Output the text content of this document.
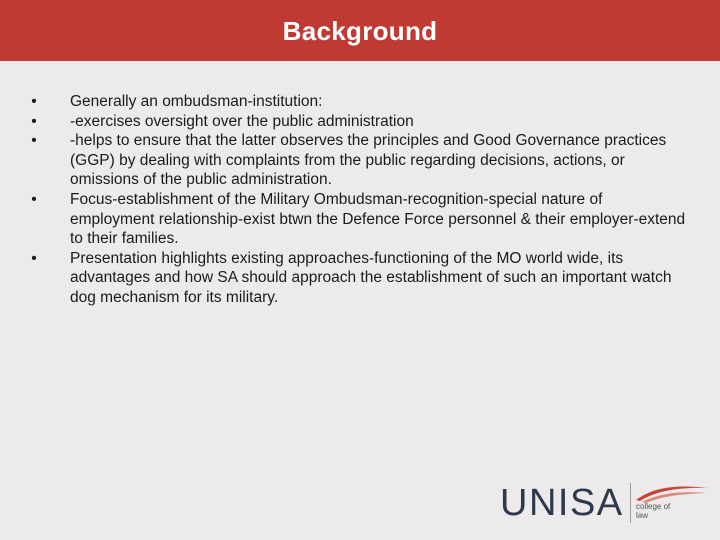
Background
• Generally an ombudsman-institution:
• -exercises oversight over the public administration
• -helps to ensure that the latter observes the principles and Good Governance practices (GGP) by dealing with complaints from the public regarding decisions, actions, or omissions of the public administration.
• Focus-establishment of the Military Ombudsman-recognition-special nature of employment relationship-exist btwn the Defence Force personnel & their employer-extend to their families.
• Presentation highlights existing approaches-functioning of the MO world wide, its advantages and how SA should approach the establishment of such an important watch dog mechanism for its military.
UNISA college of
law
